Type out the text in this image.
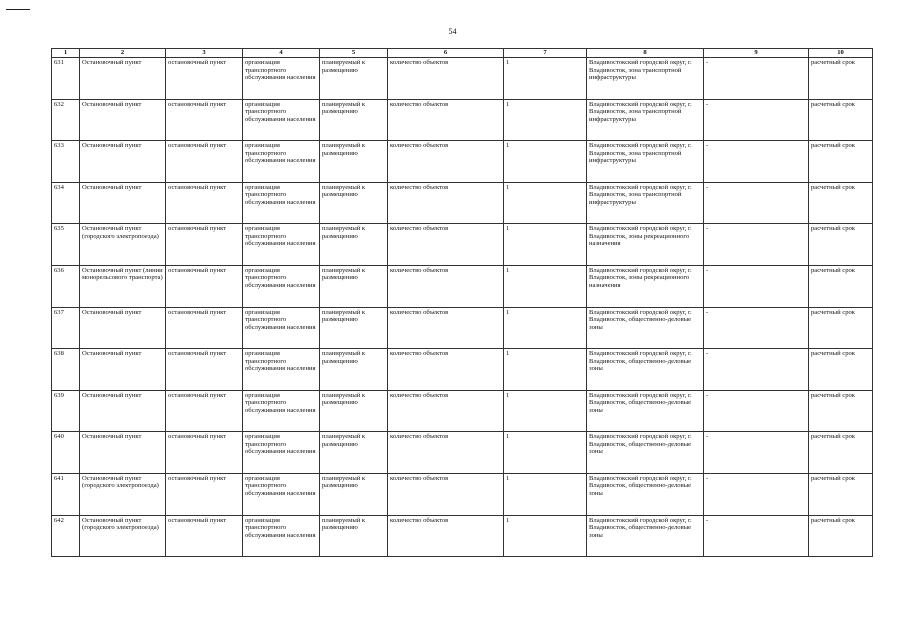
54
1	2	3	4	5	6	7	8	9	10
631	Остановочный пункт	остановочный пункт	организация транспортного обслуживания населения	планируемый к размещению	количество объектов	1	Владивостокский городской округ, г. Владивосток, зона транспортной инфраструктуры	-	расчетный срок
632	Остановочный пункт	остановочный пункт	организация транспортного обслуживания населения	планируемый к размещению	количество объектов	1	Владивостокский городской округ, г. Владивосток, зона транспортной инфраструктуры	-	расчетный срок
633	Остановочный пункт	остановочный пункт	организация транспортного обслуживания населения	планируемый к размещению	количество объектов	1	Владивостокский городской округ, г. Владивосток, зона транспортной инфраструктуры	-	расчетный срок
634	Остановочный пункт	остановочный пункт	организация транспортного обслуживания населения	планируемый к размещению	количество объектов	1	Владивостокский городской округ, г. Владивосток, зона транспортной инфраструктуры	-	расчетный срок
635	Остановочный пункт (городского электропоезда)	остановочный пункт	организация транспортного обслуживания населения	планируемый к размещению	количество объектов	1	Владивостокский городской округ, г. Владивосток, зоны рекреационного назначения	-	расчетный срок
636	Остановочный пункт (линии монорельсового транспорта)	остановочный пункт	организация транспортного обслуживания населения	планируемый к размещению	количество объектов	1	Владивостокский городской округ, г. Владивосток, зоны рекреационного назначения	-	расчетный срок
637	Остановочный пункт	остановочный пункт	организация транспортного обслуживания населения	планируемый к размещению	количество объектов	1	Владивостокский городской округ, г. Владивосток, общественно-деловые зоны	-	расчетный срок
638	Остановочный пункт	остановочный пункт	организация транспортного обслуживания населения	планируемый к размещению	количество объектов	1	Владивостокский городской округ, г. Владивосток, общественно-деловые зоны	-	расчетный срок
639	Остановочный пункт	остановочный пункт	организация транспортного обслуживания населения	планируемый к размещению	количество объектов	1	Владивостокский городской округ, г. Владивосток, общественно-деловые зоны	-	расчетный срок
640	Остановочный пункт	остановочный пункт	организация транспортного обслуживания населения	планируемый к размещению	количество объектов	1	Владивостокский городской округ, г. Владивосток, общественно-деловые зоны	-	расчетный срок
641	Остановочный пункт (городского электропоезда)	остановочный пункт	организация транспортного обслуживания населения	планируемый к размещению	количество объектов	1	Владивостокский городской округ, г. Владивосток, общественно-деловые зоны	-	расчетный срок
642	Остановочный пункт (городского электропоезда)	остановочный пункт	организация транспортного обслуживания населения	планируемый к размещению	количество объектов	1	Владивостокский городской округ, г. Владивосток, общественно-деловые зоны	-	расчетный срок
